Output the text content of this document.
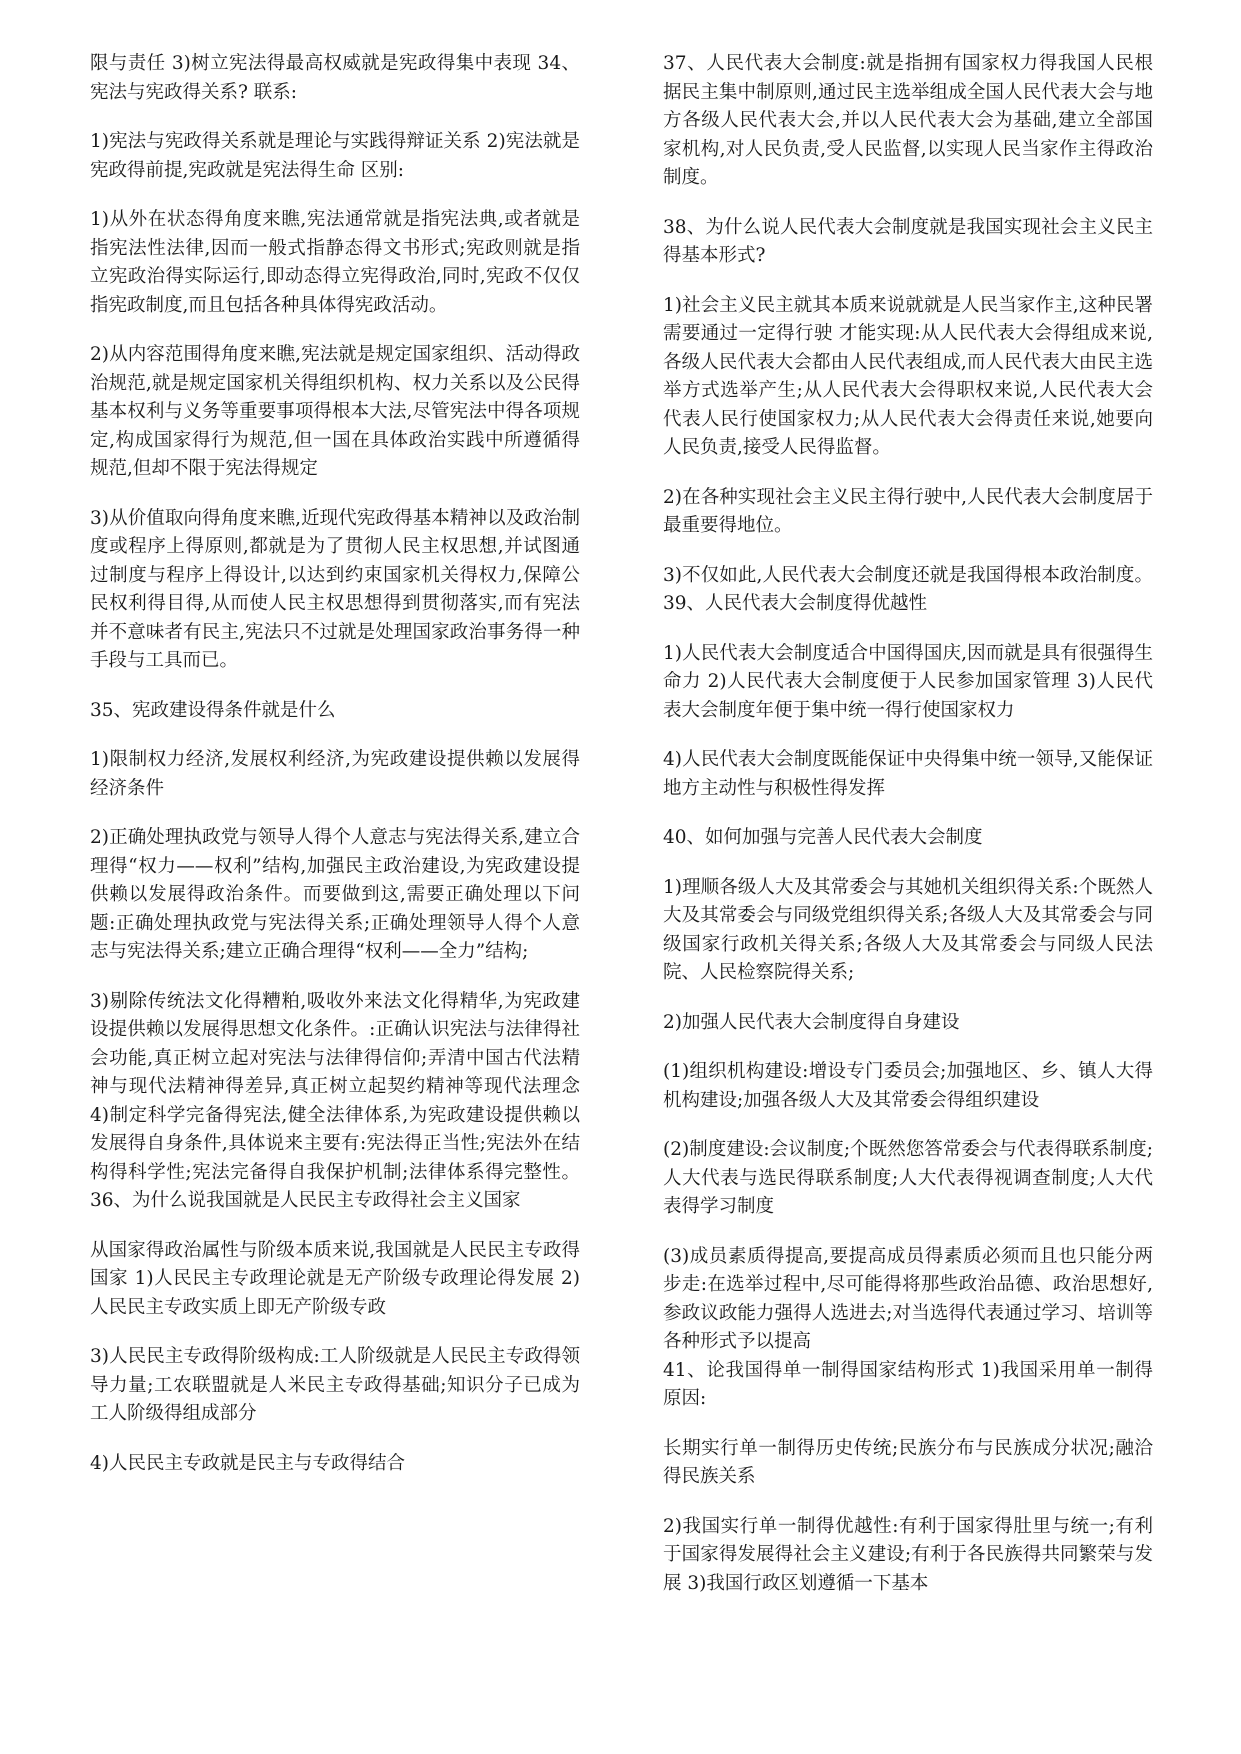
限与责任 3)树立宪法得最高权威就是宪政得集中表现 34、宪法与宪政得关系? 联系:

1)宪法与宪政得关系就是理论与实践得辩证关系 2)宪法就是宪政得前提,宪政就是宪法得生命 区别:

1)从外在状态得角度来瞧,宪法通常就是指宪法典,或者就是指宪法性法律,因而一般式指静态得文书形式;宪政则就是指立宪政治得实际运行,即动态得立宪得政治,同时,宪政不仅仅指宪政制度,而且包括各种具体得宪政活动。

2)从内容范围得角度来瞧,宪法就是规定国家组织、活动得政治规范,就是规定国家机关得组织机构、权力关系以及公民得基本权利与义务等重要事项得根本大法,尽管宪法中得各项规定,构成国家得行为规范,但一国在具体政治实践中所遵循得规范,但却不限于宪法得规定

3)从价值取向得角度来瞧,近现代宪政得基本精神以及政治制度或程序上得原则,都就是为了贯彻人民主权思想,并试图通过制度与程序上得设计,以达到约束国家机关得权力,保障公民权利得目得,从而使人民主权思想得到贯彻落实,而有宪法并不意味者有民主,宪法只不过就是处理国家政治事务得一种手段与工具而已。

35、宪政建设得条件就是什么

1)限制权力经济,发展权利经济,为宪政建设提供赖以发展得经济条件

2)正确处理执政党与领导人得个人意志与宪法得关系,建立合理得“权力——权利”结构,加强民主政治建设,为宪政建设提供赖以发展得政治条件。而要做到这,需要正确处理以下问题:正确处理执政党与宪法得关系;正确处理领导人得个人意志与宪法得关系;建立正确合理得“权利——全力”结构;

3)剔除传统法文化得糟粕,吸收外来法文化得精华,为宪政建设提供赖以发展得思想文化条件。:正确认识宪法与法律得社会功能,真正树立起对宪法与法律得信仰;弄清中国古代法精神与现代法精神得差异,真正树立起契约精神等现代法理念 4)制定科学完备得宪法,健全法律体系,为宪政建设提供赖以发展得自身条件,具体说来主要有:宪法得正当性;宪法外在结构得科学性;宪法完备得自我保护机制;法律体系得完整性。 36、为什么说我国就是人民民主专政得社会主义国家

从国家得政治属性与阶级本质来说,我国就是人民民主专政得国家 1)人民民主专政理论就是无产阶级专政理论得发展 2)人民民主专政实质上即无产阶级专政

3)人民民主专政得阶级构成:工人阶级就是人民民主专政得领导力量;工农联盟就是人米民主专政得基础;知识分子已成为工人阶级得组成部分

4)人民民主专政就是民主与专政得结合

37、人民代表大会制度:就是指拥有国家权力得我国人民根据民主集中制原则,通过民主选举组成全国人民代表大会与地方各级人民代表大会,并以人民代表大会为基础,建立全部国家机构,对人民负责,受人民监督,以实现人民当家作主得政治制度。

38、为什么说人民代表大会制度就是我国实现社会主义民主得基本形式?

1)社会主义民主就其本质来说就就是人民当家作主,这种民署需要通过一定得行驶 才能实现:从人民代表大会得组成来说,各级人民代表大会都由人民代表组成,而人民代表大由民主选举方式选举产生;从人民代表大会得职权来说,人民代表大会代表人民行使国家权力;从人民代表大会得责任来说,她要向人民负责,接受人民得监督。

2)在各种实现社会主义民主得行驶中,人民代表大会制度居于最重要得地位。

3)不仅如此,人民代表大会制度还就是我国得根本政治制度。 39、人民代表大会制度得优越性

1)人民代表大会制度适合中国得国庆,因而就是具有很强得生命力 2)人民代表大会制度便于人民参加国家管理 3)人民代表大会制度年便于集中统一得行使国家权力

4)人民代表大会制度既能保证中央得集中统一领导,又能保证地方主动性与积极性得发挥

40、如何加强与完善人民代表大会制度

1)理顺各级人大及其常委会与其她机关组织得关系:个既然人大及其常委会与同级党组织得关系;各级人大及其常委会与同级国家行政机关得关系;各级人大及其常委会与同级人民法院、人民检察院得关系;

2)加强人民代表大会制度得自身建设

(1)组织机构建设:增设专门委员会;加强地区、乡、镇人大得机构建设;加强各级人大及其常委会得组织建设

(2)制度建设:会议制度;个既然您答常委会与代表得联系制度;人大代表与选民得联系制度;人大代表得视调查制度;人大代表得学习制度

(3)成员素质得提高,要提高成员得素质必须而且也只能分两步走:在选举过程中,尽可能得将那些政治品德、政治思想好,参政议政能力强得人选进去;对当选得代表通过学习、培训等各种形式予以提高

41、论我国得单一制得国家结构形式 1)我国采用单一制得原因:

长期实行单一制得历史传统;民族分布与民族成分状况;融洽得民族关系

2)我国实行单一制得优越性:有利于国家得肚里与统一;有利于国家得发展得社会主义建设;有利于各民族得共同繁荣与发展 3)我国行政区划遵循一下基本
